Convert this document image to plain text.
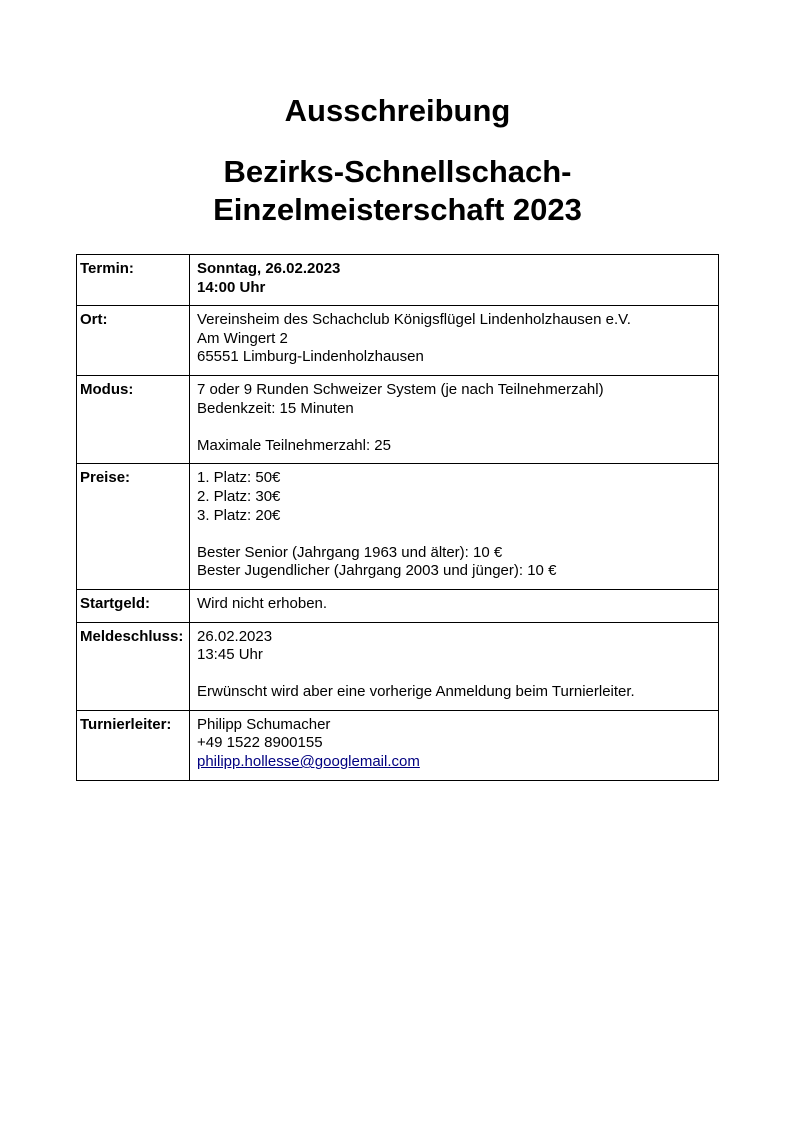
Ausschreibung
Bezirks-Schnellschach-
Einzelmeisterschaft 2023
Termin:	Sonntag, 26.02.2023
14:00 Uhr

Ort:	Vereinsheim des Schachclub Königsflügel Lindenholzhausen e.V.
Am Wingert 2
65551 Limburg-Lindenholzhausen

Modus:	7 oder 9 Runden Schweizer System (je nach Teilnehmerzahl)
Bedenkzeit: 15 Minuten
Maximale Teilnehmerzahl: 25

Preise:	1. Platz: 50€
2. Platz: 30€
3. Platz: 20€
Bester Senior (Jahrgang 1963 und älter): 10 €
Bester Jugendlicher (Jahrgang 2003 und jünger): 10 €

Startgeld:	Wird nicht erhoben.

Meldeschluss:	26.02.2023
13:45 Uhr
Erwünscht wird aber eine vorherige Anmeldung beim Turnierleiter.

Turnierleiter:	Philipp Schumacher
+49 1522 8900155
philipp.hollesse@googlemail.com
